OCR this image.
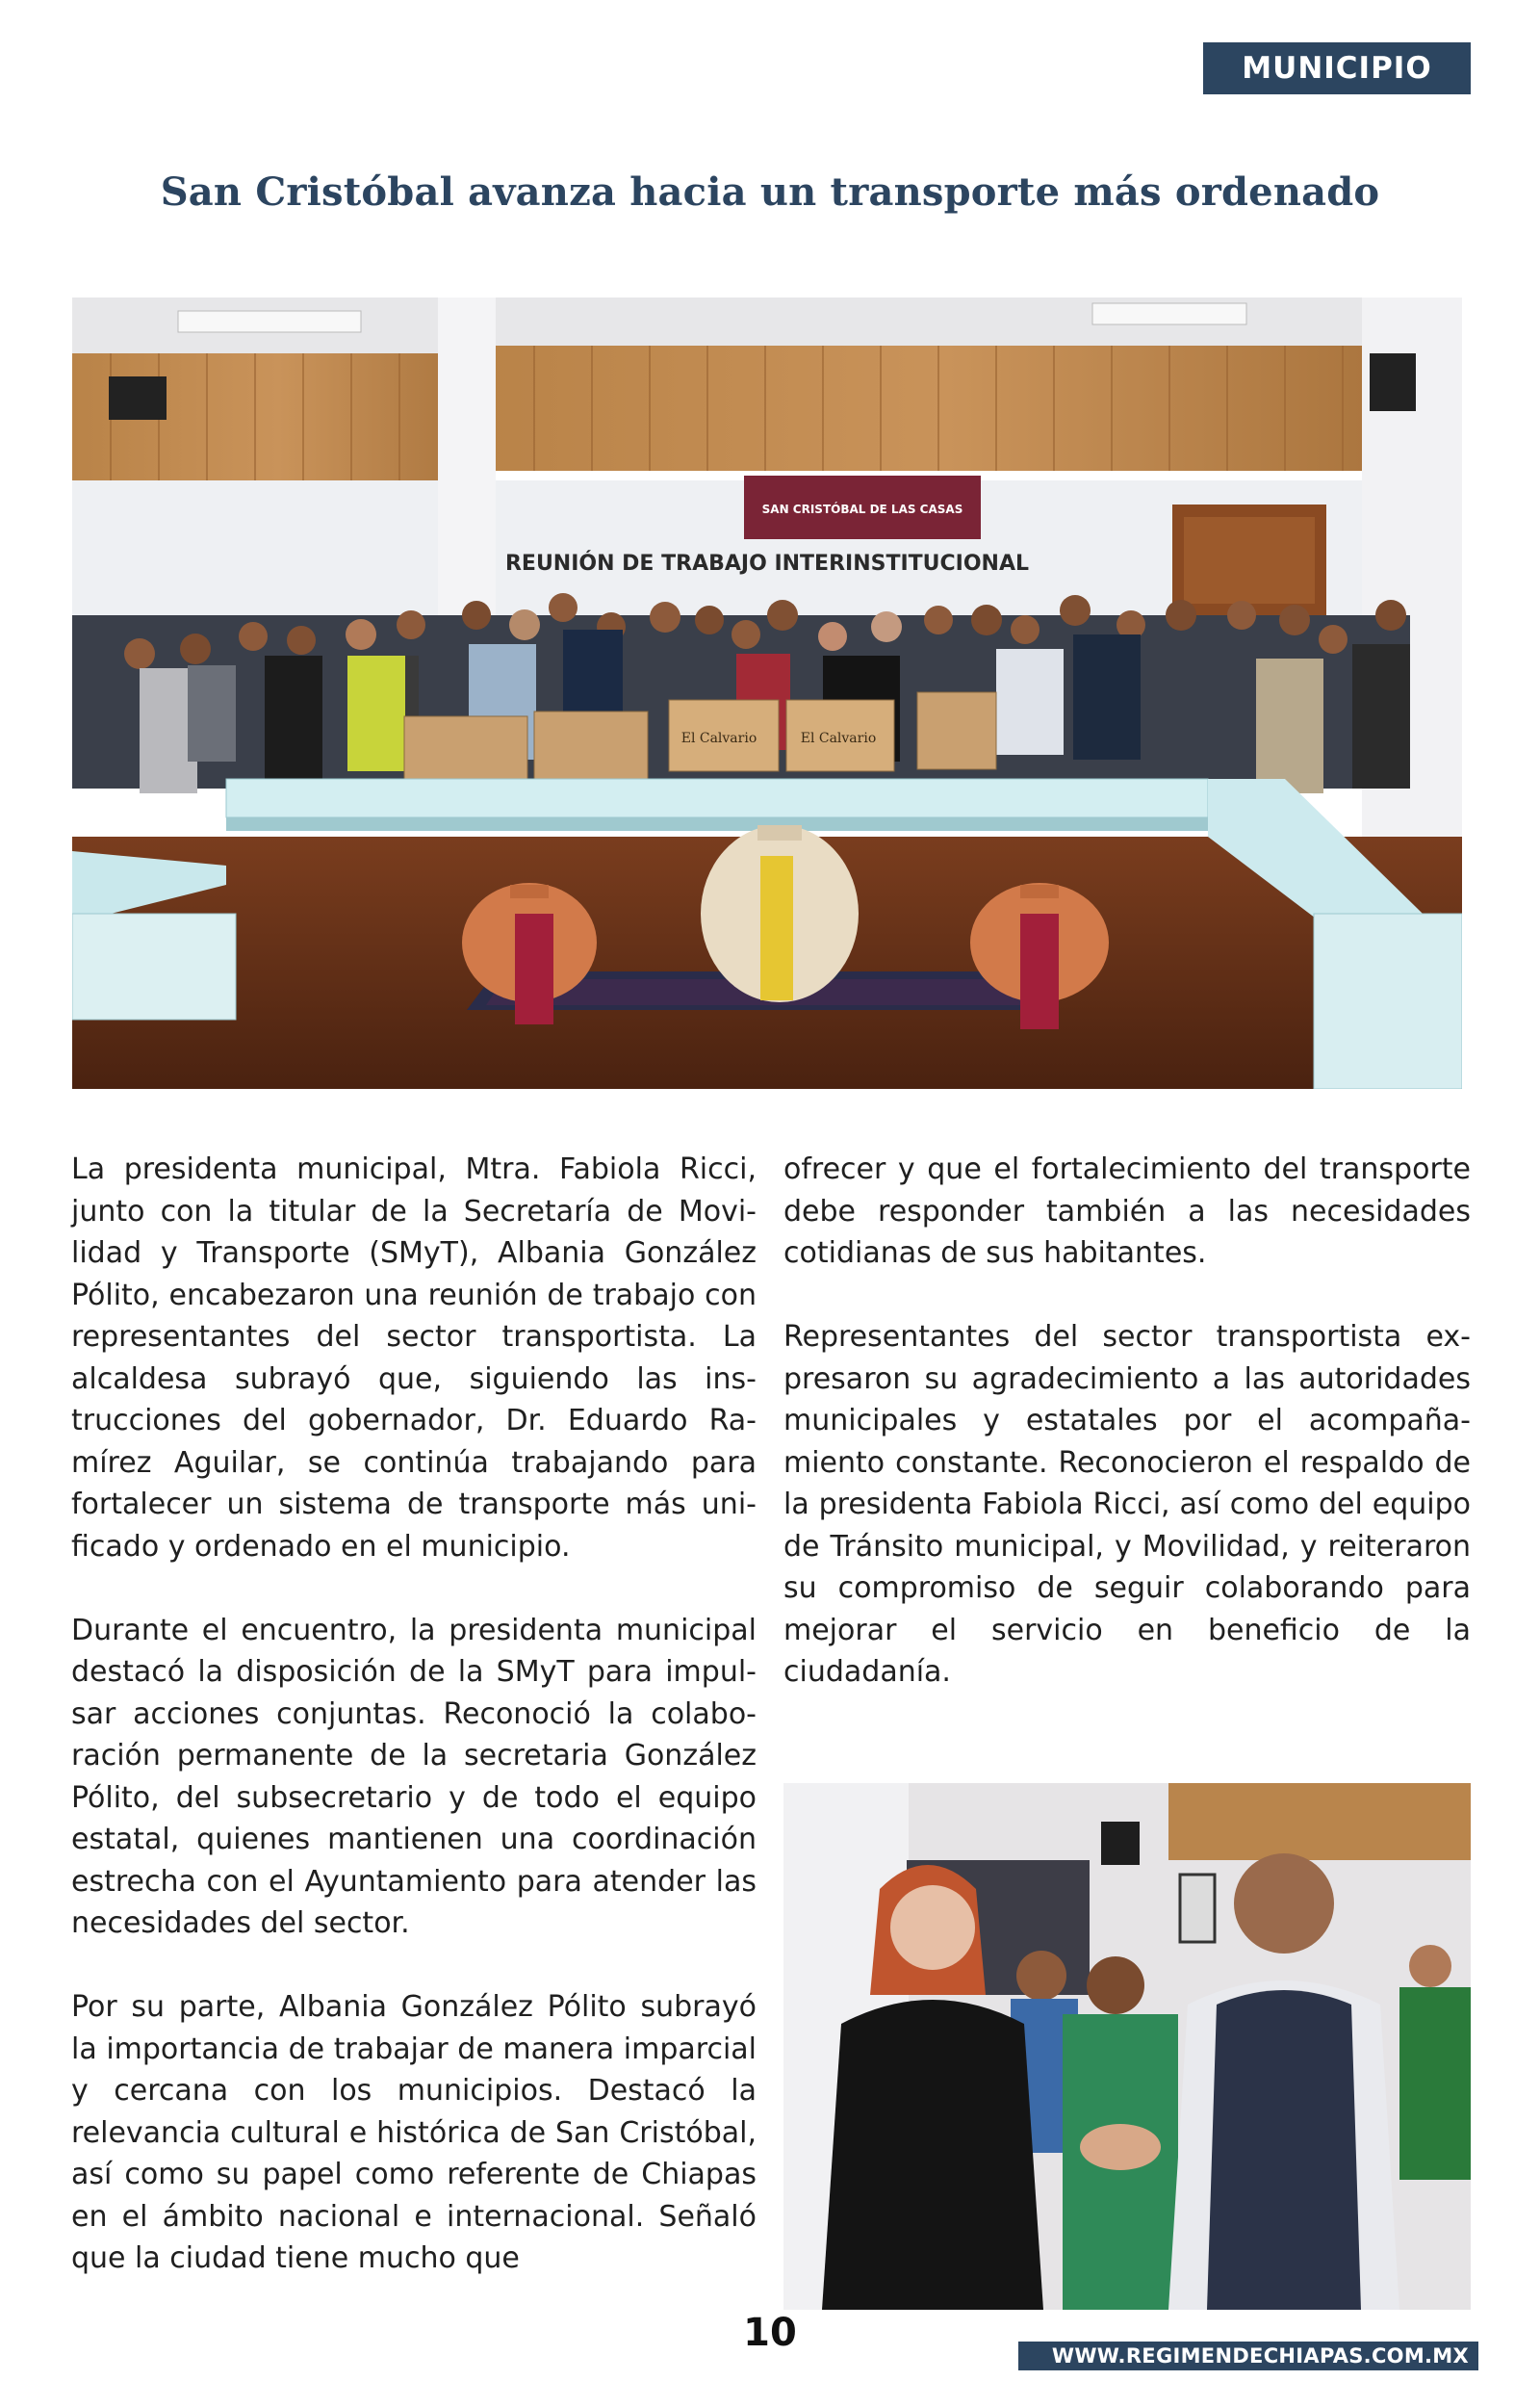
MUNICIPIO
San Cristóbal avanza hacia un transporte más ordenado
SAN CRISTÓBAL DE LAS CASAS
REUNIÓN DE TRABAJO INTERINSTITUCIONAL
El Calvario	El Calvario

La presidenta municipal, Mtra. Fabiola Ricci, junto con la titular de la Secretaría de Movilidad y Transporte (SMyT), Albania González Pólito, encabezaron una reunión de trabajo con representantes del sector transportista. La alcaldesa subrayó que, siguiendo las instrucciones del gobernador, Dr. Eduardo Ramírez Aguilar, se continúa trabajando para fortalecer un sistema de transporte más unificado y ordenado en el municipio.

Durante el encuentro, la presidenta municipal destacó la disposición de la SMyT para impulsar acciones conjuntas. Reconoció la colaboración permanente de la secretaria González Pólito, del subsecretario y de todo el equipo estatal, quienes mantienen una coordinación estrecha con el Ayuntamiento para atender las necesidades del sector.

Por su parte, Albania González Pólito subrayó la importancia de trabajar de manera imparcial y cercana con los municipios. Destacó la relevancia cultural e histórica de San Cristóbal, así como su papel como referente de Chiapas en el ámbito nacional e internacional. Señaló que la ciudad tiene mucho que

ofrecer y que el fortalecimiento del transporte debe responder también a las necesidades cotidianas de sus habitantes.

Representantes del sector transportista expresaron su agradecimiento a las autoridades municipales y estatales por el acompañamiento constante. Reconocieron el respaldo de la presidenta Fabiola Ricci, así como del equipo de Tránsito municipal, y Movilidad, y reiteraron su compromiso de seguir colaborando para mejorar el servicio en beneficio de la ciudadanía.

10
WWW.REGIMENDECHIAPAS.COM.MX
